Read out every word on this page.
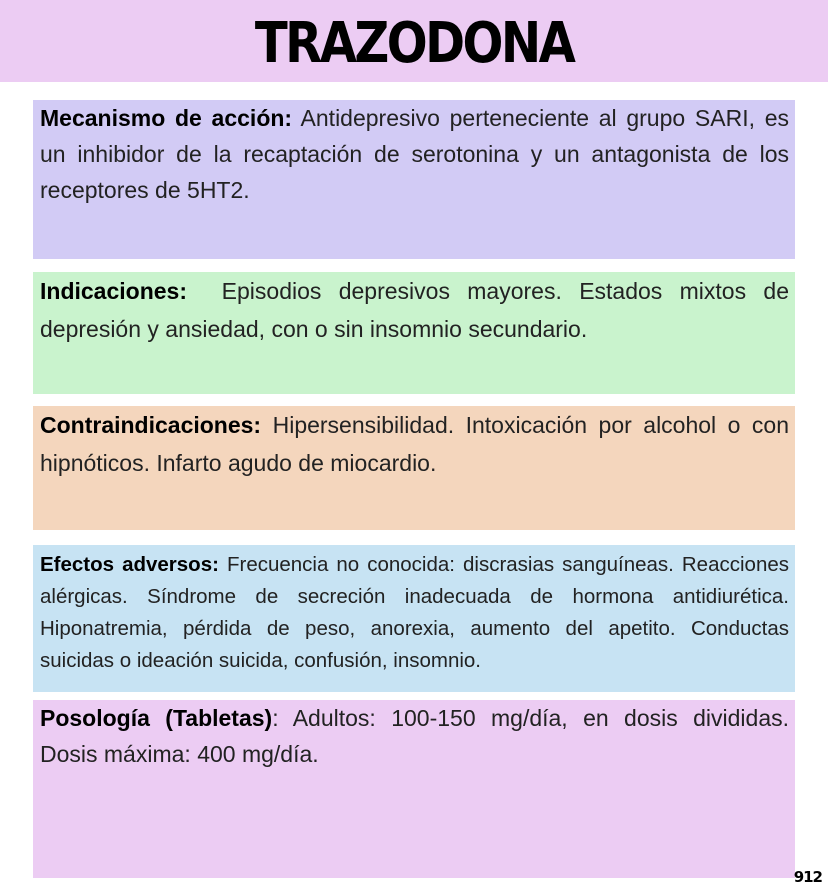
TRAZODONA

Mecanismo de acción: Antidepresivo perteneciente al grupo SARI, es un inhibidor de la recaptación de serotonina y un antagonista de los receptores de 5HT2.

Indicaciones: Episodios depresivos mayores. Estados mixtos de depresión y ansiedad, con o sin insomnio secundario.

Contraindicaciones: Hipersensibilidad. Intoxicación por alcohol o con hipnóticos. Infarto agudo de miocardio.

Efectos adversos: Frecuencia no conocida: discrasias sanguíneas. Reacciones alérgicas. Síndrome de secreción inadecuada de hormona antidiurética. Hiponatremia, pérdida de peso, anorexia, aumento del apetito. Conductas suicidas o ideación suicida, confusión, insomnio.

Posología (Tabletas): Adultos: 100-150 mg/día, en dosis divididas. Dosis máxima: 400 mg/día.

912
